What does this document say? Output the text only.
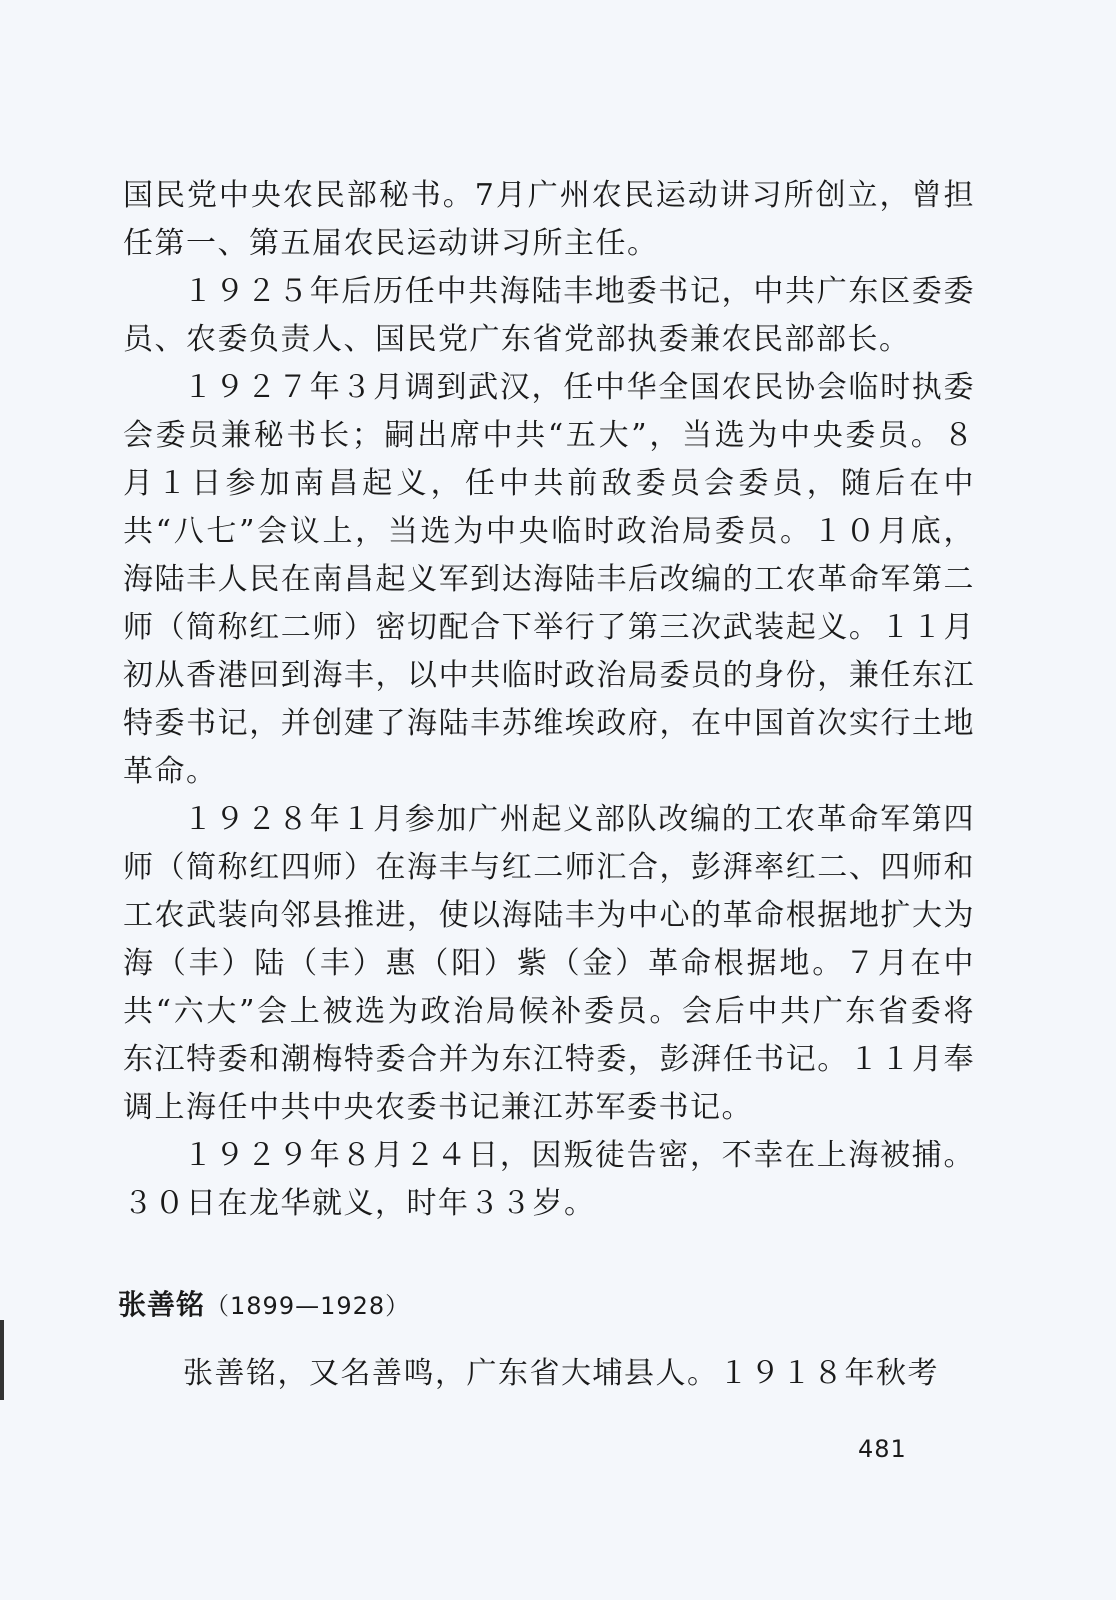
国民党中央农民部秘书。7月广州农民运动讲习所创立，曾担任第一、第五届农民运动讲习所主任。

１９２５年后历任中共海陆丰地委书记，中共广东区委委员、农委负责人、国民党广东省党部执委兼农民部部长。

１９２７年３月调到武汉，任中华全国农民协会临时执委会委员兼秘书长；嗣出席中共“五大”，当选为中央委员。８月１日参加南昌起义，任中共前敌委员会委员，随后在中共“八七”会议上，当选为中央临时政治局委员。１０月底，海陆丰人民在南昌起义军到达海陆丰后改编的工农革命军第二师（简称红二师）密切配合下举行了第三次武装起义。１１月初从香港回到海丰，以中共临时政治局委员的身份，兼任东江特委书记，并创建了海陆丰苏维埃政府，在中国首次实行土地革命。

１９２８年１月参加广州起义部队改编的工农革命军第四师（简称红四师）在海丰与红二师汇合，彭湃率红二、四师和工农武装向邻县推进，使以海陆丰为中心的革命根据地扩大为海（丰）陆（丰）惠（阳）紫（金）革命根据地。７月在中共“六大”会上被选为政治局候补委员。会后中共广东省委将东江特委和潮梅特委合并为东江特委，彭湃任书记。１１月奉调上海任中共中央农委书记兼江苏军委书记。

１９２９年８月２４日，因叛徒告密，不幸在上海被捕。３０日在龙华就义，时年３３岁。

张善铭（1899—1928）

张善铭，又名善鸣，广东省大埔县人。１９１８年秋考

481
